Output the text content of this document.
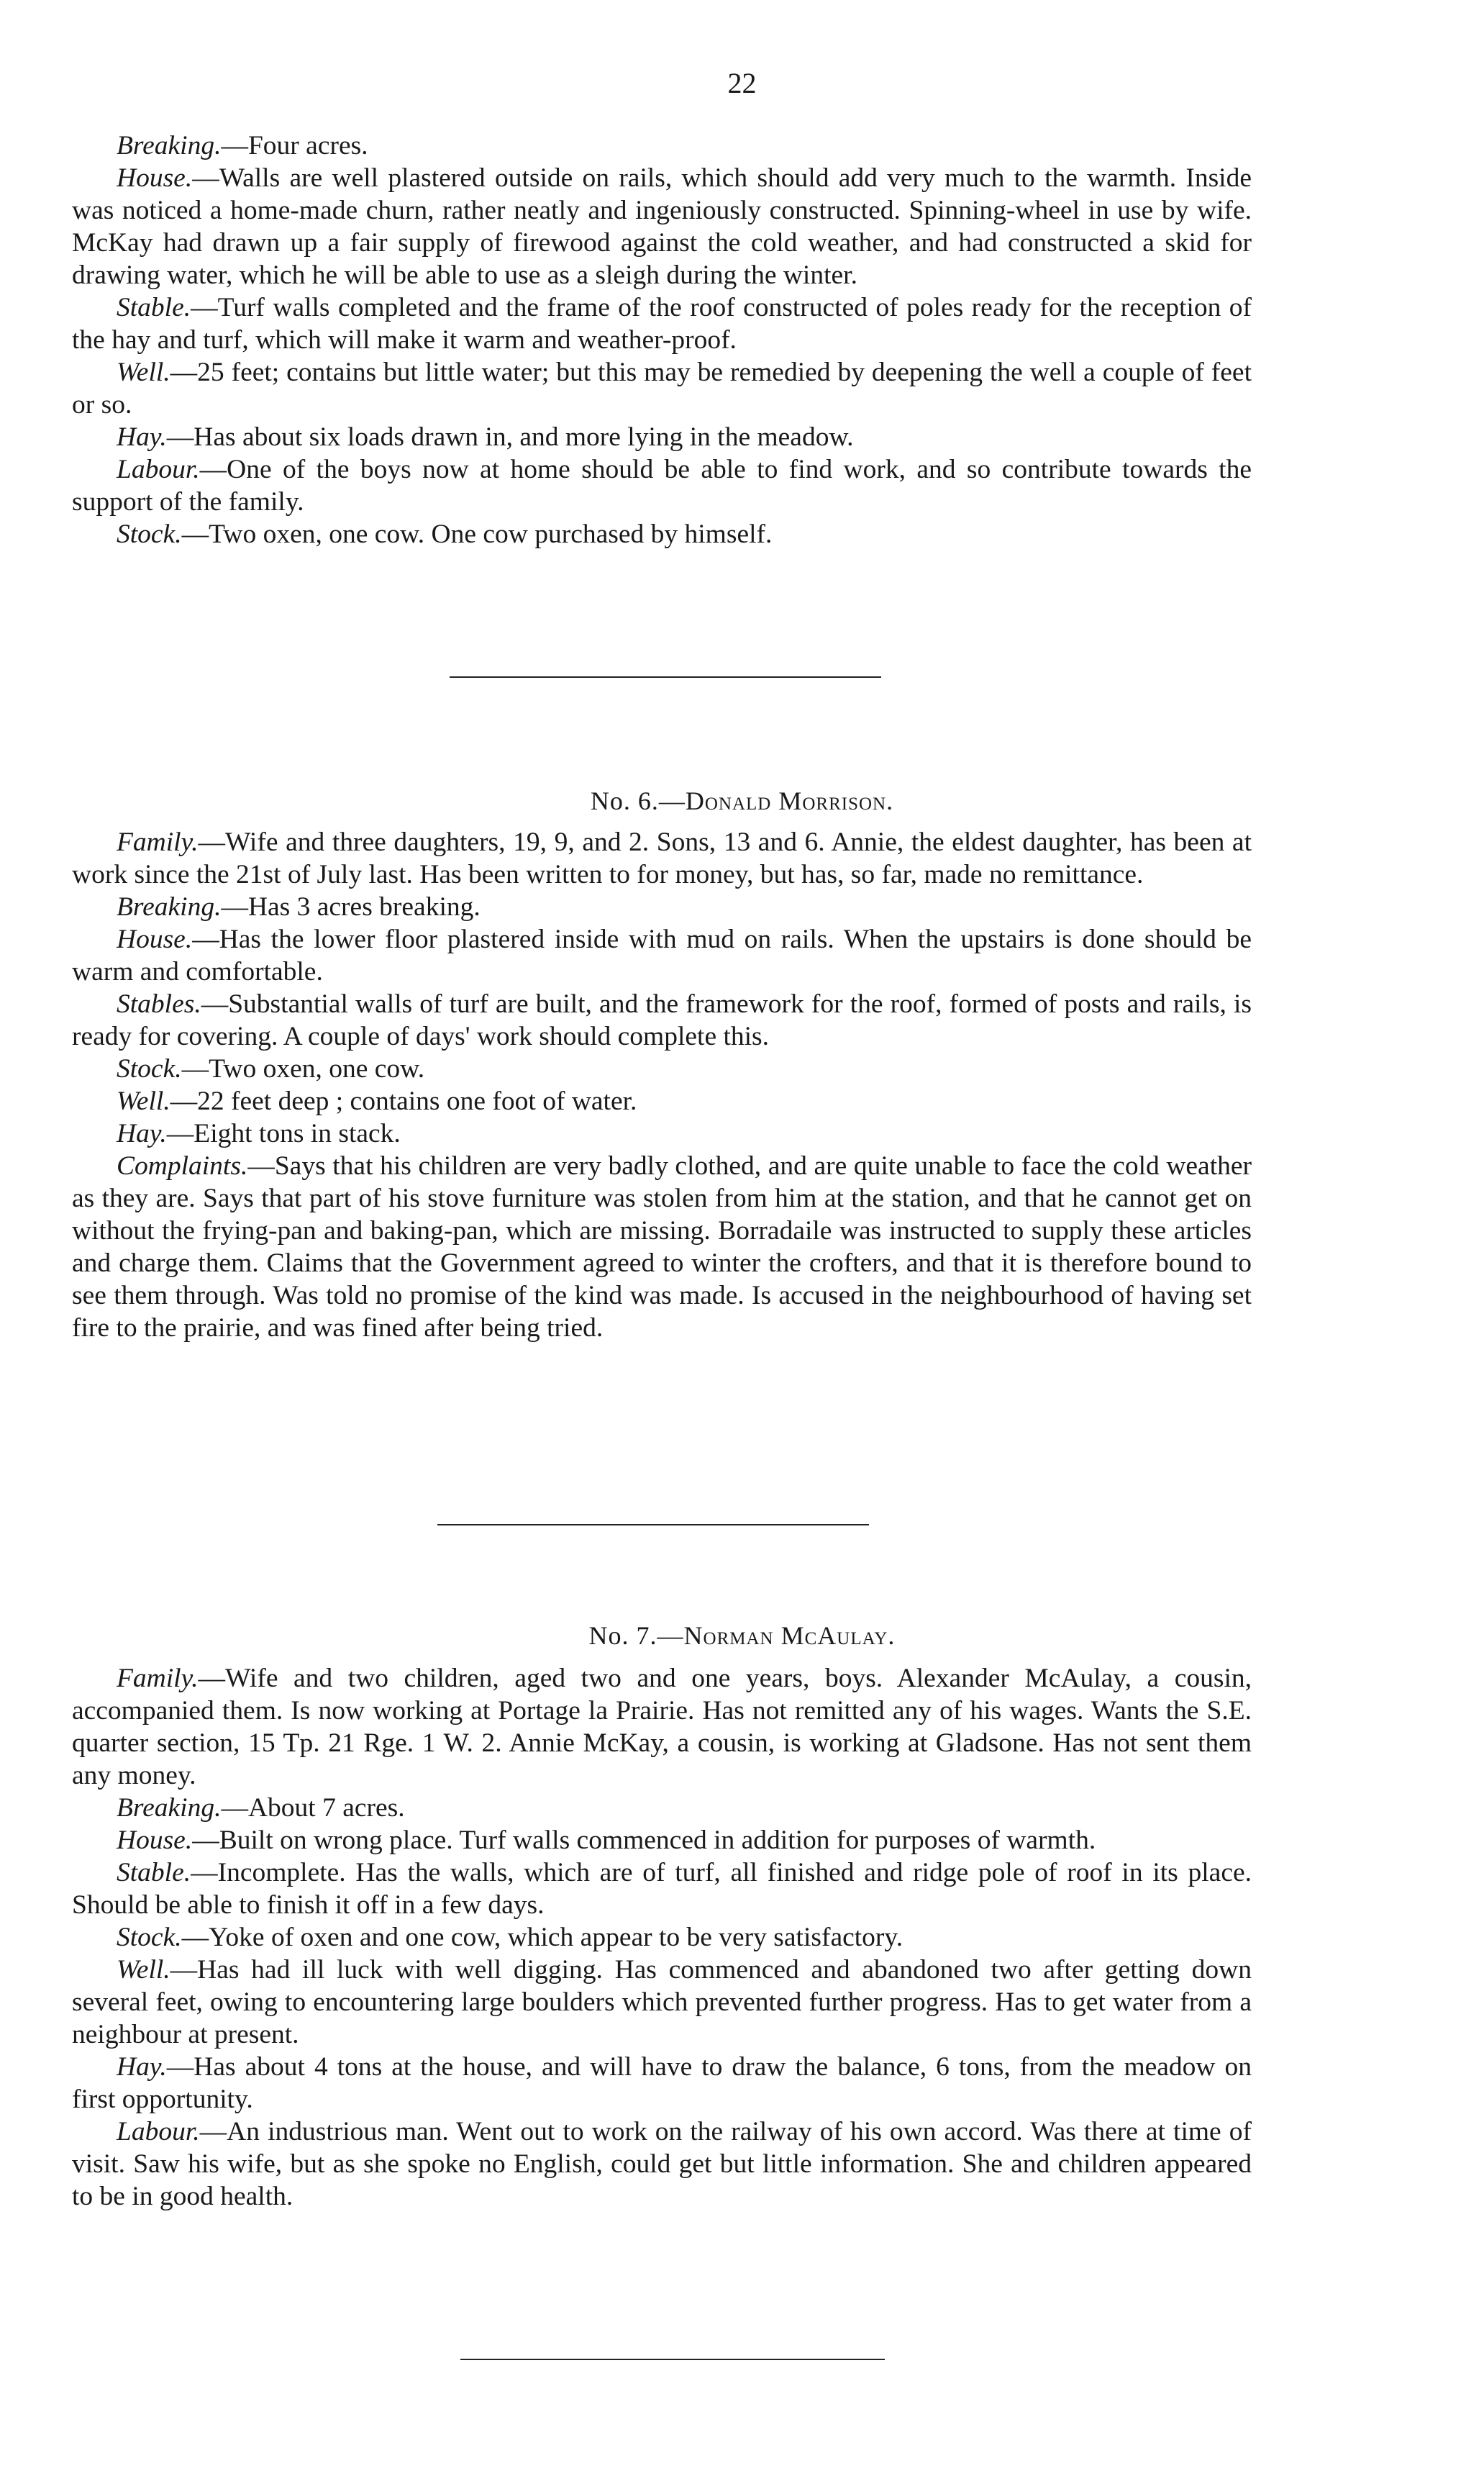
22

Breaking.—Four acres.

House.—Walls are well plastered outside on rails, which should add very much to the warmth. Inside was noticed a home-made churn, rather neatly and ingeniously constructed. Spinning-wheel in use by wife. McKay had drawn up a fair supply of firewood against the cold weather, and had constructed a skid for drawing water, which he will be able to use as a sleigh during the winter.

Stable.—Turf walls completed and the frame of the roof constructed of poles ready for the reception of the hay and turf, which will make it warm and weather-proof.

Well.—25 feet; contains but little water; but this may be remedied by deepening the well a couple of feet or so.

Hay.—Has about six loads drawn in, and more lying in the meadow.

Labour.—One of the boys now at home should be able to find work, and so contribute towards the support of the family.

Stock.—Two oxen, one cow. One cow purchased by himself.

No. 6.—Donald Morrison.

Family.—Wife and three daughters, 19, 9, and 2. Sons, 13 and 6. Annie, the eldest daughter, has been at work since the 21st of July last. Has been written to for money, but has, so far, made no remittance.

Breaking.—Has 3 acres breaking.

House.—Has the lower floor plastered inside with mud on rails. When the upstairs is done should be warm and comfortable.

Stables.—Substantial walls of turf are built, and the framework for the roof, formed of posts and rails, is ready for covering. A couple of days' work should complete this.

Stock.—Two oxen, one cow.

Well.—22 feet deep ; contains one foot of water.

Hay.—Eight tons in stack.

Complaints.—Says that his children are very badly clothed, and are quite unable to face the cold weather as they are. Says that part of his stove furniture was stolen from him at the station, and that he cannot get on without the frying-pan and baking-pan, which are missing. Borradaile was instructed to supply these articles and charge them. Claims that the Government agreed to winter the crofters, and that it is therefore bound to see them through. Was told no promise of the kind was made. Is accused in the neighbourhood of having set fire to the prairie, and was fined after being tried.

No. 7.—Norman McAulay.

Family.—Wife and two children, aged two and one years, boys. Alexander McAulay, a cousin, accompanied them. Is now working at Portage la Prairie. Has not remitted any of his wages. Wants the S.E. quarter section, 15 Tp. 21 Rge. 1 W. 2. Annie McKay, a cousin, is working at Gladsone. Has not sent them any money.

Breaking.—About 7 acres.

House.—Built on wrong place. Turf walls commenced in addition for purposes of warmth.

Stable.—Incomplete. Has the walls, which are of turf, all finished and ridge pole of roof in its place. Should be able to finish it off in a few days.

Stock.—Yoke of oxen and one cow, which appear to be very satisfactory.

Well.—Has had ill luck with well digging. Has commenced and abandoned two after getting down several feet, owing to encountering large boulders which prevented further progress. Has to get water from a neighbour at present.

Hay.—Has about 4 tons at the house, and will have to draw the balance, 6 tons, from the meadow on first opportunity.

Labour.—An industrious man. Went out to work on the railway of his own accord. Was there at time of visit. Saw his wife, but as she spoke no English, could get but little information. She and children appeared to be in good health.
